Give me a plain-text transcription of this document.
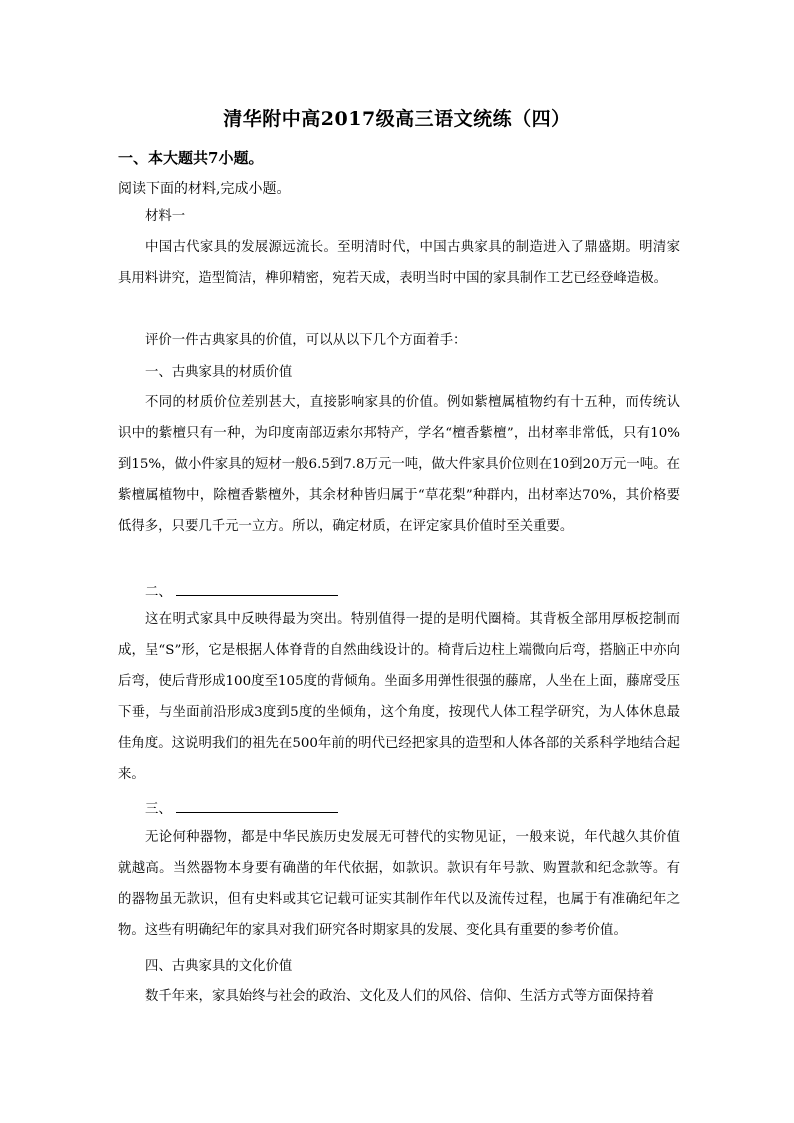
清华附中高2017级高三语文统练（四）
一、本大题共7小题。
阅读下面的材料,完成小题。
材料一

中国古代家具的发展源远流长。至明清时代，中国古典家具的制造进入了鼎盛期。明清家具用料讲究，造型简洁，榫卯精密，宛若天成，表明当时中国的家具制作工艺已经登峰造极。

评价一件古典家具的价值，可以从以下几个方面着手：

一、古典家具的材质价值

不同的材质价位差别甚大，直接影响家具的价值。例如紫檀属植物约有十五种，而传统认识中的紫檀只有一种，为印度南部迈索尔邦特产，学名“檀香紫檀”，出材率非常低，只有10%到15%，做小件家具的短材一般6.5到7.8万元一吨，做大件家具价位则在10到20万元一吨。在紫檀属植物中，除檀香紫檀外，其余材种皆归属于“草花梨”种群内，出材率达70%，其价格要低得多，只要几千元一立方。所以，确定材质，在评定家具价值时至关重要。

二、

这在明式家具中反映得最为突出。特别值得一提的是明代圈椅。其背板全部用厚板挖制而成，呈“S”形，它是根据人体脊背的自然曲线设计的。椅背后边柱上端微向后弯，搭脑正中亦向后弯，使后背形成100度至105度的背倾角。坐面多用弹性很强的藤席，人坐在上面，藤席受压下垂，与坐面前沿形成3度到5度的坐倾角，这个角度，按现代人体工程学研究，为人体休息最佳角度。这说明我们的祖先在500年前的明代已经把家具的造型和人体各部的关系科学地结合起来。

三、

无论何种器物，都是中华民族历史发展无可替代的实物见证，一般来说，年代越久其价值就越高。当然器物本身要有确凿的年代依据，如款识。款识有年号款、购置款和纪念款等。有的器物虽无款识，但有史料或其它记载可证实其制作年代以及流传过程，也属于有准确纪年之物。这些有明确纪年的家具对我们研究各时期家具的发展、变化具有重要的参考价值。

四、古典家具的文化价值

数千年来，家具始终与社会的政治、文化及人们的风俗、信仰、生活方式等方面保持着
